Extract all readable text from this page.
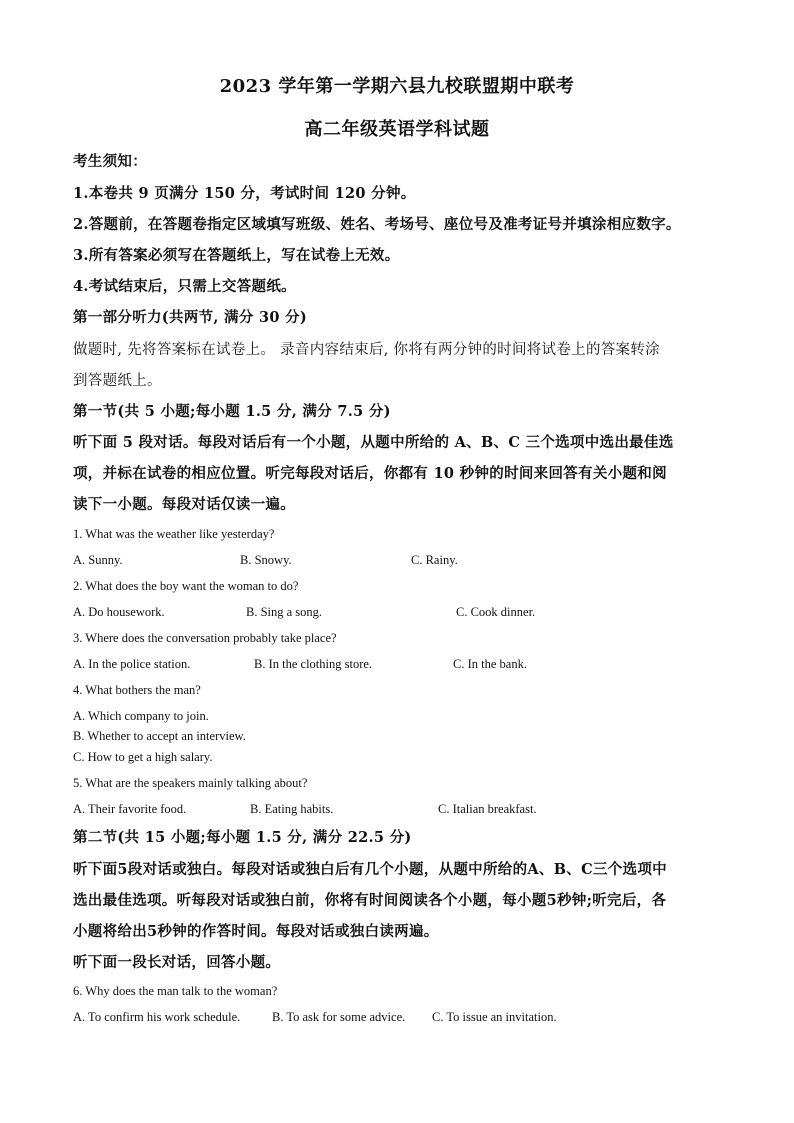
2023 学年第一学期六县九校联盟期中联考
高二年级英语学科试题
考生须知：
1.本卷共 9 页满分 150 分，考试时间 120 分钟。
2.答题前，在答题卷指定区域填写班级、姓名、考场号、座位号及准考证号并填涂相应数字。
3.所有答案必须写在答题纸上，写在试卷上无效。
4.考试结束后，只需上交答题纸。
第一部分听力(共两节, 满分 30 分)
做题时, 先将答案标在试卷上。 录音内容结束后, 你将有两分钟的时间将试卷上的答案转涂
到答题纸上。
第一节(共 5 小题;每小题 1.5 分, 满分 7.5 分)
听下面 5 段对话。每段对话后有一个小题，从题中所给的 A、B、C 三个选项中选出最佳选
项，并标在试卷的相应位置。听完每段对话后，你都有 10 秒钟的时间来回答有关小题和阅
读下一小题。每段对话仅读一遍。
1. What was the weather like yesterday?
A. Sunny.	B. Snowy.	C. Rainy.
2. What does the boy want the woman to do?
A. Do housework.	B. Sing a song.	C. Cook dinner.
3. Where does the conversation probably take place?
A. In the police station.	B. In the clothing store.	C. In the bank.
4. What bothers the man?
A. Which company to join.
B. Whether to accept an interview.
C. How to get a high salary.
5. What are the speakers mainly talking about?
A. Their favorite food.	B. Eating habits.	C. Italian breakfast.
第二节(共 15 小题;每小题 1.5 分, 满分 22.5 分)
听下面5段对话或独白。每段对话或独白后有几个小题，从题中所给的A、B、C三个选项中
选出最佳选项。听每段对话或独白前，你将有时间阅读各个小题，每小题5秒钟;听完后，各
小题将给出5秒钟的作答时间。每段对话或独白读两遍。
听下面一段长对话，回答小题。
6. Why does the man talk to the woman?
A. To confirm his work schedule.	B. To ask for some advice. C. To issue an invitation.
